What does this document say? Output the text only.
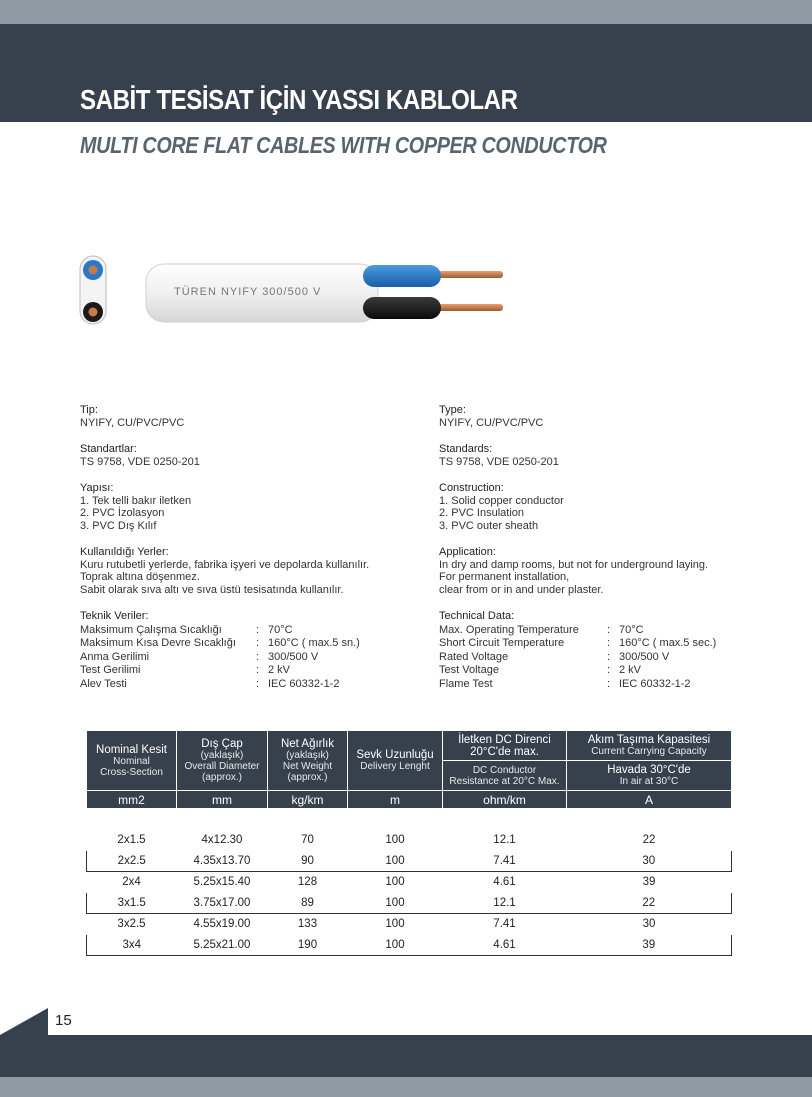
SABİT TESİSAT İÇİN YASSI KABLOLAR
MULTI CORE FLAT CABLES WITH COPPER CONDUCTOR
TÜREN NYIFY 300/500 V

Tip:

NYIFY, CU/PVC/PVC

Standartlar:

TS 9758, VDE 0250-201

Yapısı:

1. Tek telli bakır iletken

2. PVC İzolasyon

3. PVC Dış Kılıf

Kullanıldığı Yerler:

Kuru rutubetli yerlerde, fabrika işyeri ve depolarda kullanılır.

Toprak altına döşenmez.

Sabit olarak sıva altı ve sıva üstü tesisatında kullanılır.

Teknik Veriler:

Maksimum Çalışma Sıcaklığı	: 70°C
Maksimum Kısa Devre Sıcaklığı	: 160°C ( max.5 sn.)
Anma Gerilimi	: 300/500 V
Test Gerilimi	: 2 kV
Alev Testi	: IEC 60332-1-2

Type:

NYIFY, CU/PVC/PVC

Standards:

TS 9758, VDE 0250-201

Construction:

1. Solid copper conductor

2. PVC Insulation

3. PVC outer sheath

Application:

In dry and damp rooms, but not for underground laying.

For permanent installation,

clear from or in and under plaster.

Technical Data:

Max. Operating Temperature	: 70°C
Short Circuit Temperature	: 160°C ( max.5 sec.)
Rated Voltage	: 300/500 V
Test Voltage	: 2 kV
Flame Test	: IEC 60332-1-2
Nominal Kesit
Nominal Cross-Section	Dış Çap
(yaklaşık)
Overall Diameter
(approx.)	Net Ağırlık
(yaklaşık)
Net Weight
(approx.)	Sevk Uzunluğu
Delivery Lenght	İletken DC Direnci
20°C'de max.	Akım Taşıma Kapasitesi
Current Carrying Capacity

				DC Conductor
Resistance at 20°C Max.	Havada 30°C'de
In air at 30°C

mm2	mm	kg/km	m	ohm/km	A

2x1.5	4x12.30	70	100	12.1	22
2x2.5	4.35x13.70	90	100	7.41	30
2x4	5.25x15.40	128	100	4.61	39
3x1.5	3.75x17.00	89	100	12.1	22
3x2.5	4.55x19.00	133	100	7.41	30
3x4	5.25x21.00	190	100	4.61	39
15
